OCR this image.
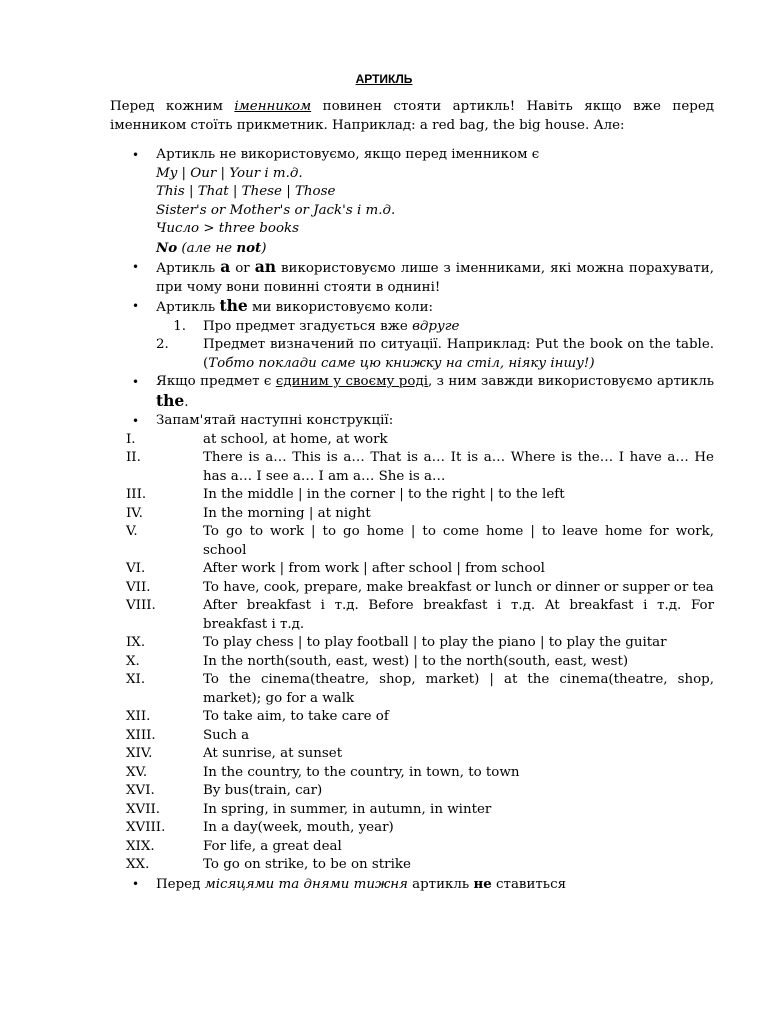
АРТИКЛЬ
Перед кожним іменником повинен стояти артикль! Навіть якщо вже перед іменником стоїть прикметник. Наприклад: a red bag, the big house. Але:
• Артикль не використовуємо, якщо перед іменником є
My | Our | Your і т.д.
This | That | These | Those
Sister's or Mother's or Jack's і т.д.
Число > three books
No (але не not)
• Артикль a or an використовуємо лише з іменниками, які можна порахувати, при чому вони повинні стояти в однині!
• Артикль the ми використовуємо коли:
1. Про предмет згадується вже вдруге
2.	Предмет визначений по ситуації. Наприклад: Put the book on the table. (Тобто поклади саме цю книжку на стіл, ніяку іншу!)
• Якщо предмет є єдиним у своєму роді, з ним завжди використовуємо артикль the.
• Запам'ятай наступні конструкції:
I.	at school, at home, at work
II.	There is a… This is a… That is a… It is a… Where is the… I have a… He has a… I see a… I am a… She is a…
III.	In the middle | in the corner | to the right | to the left
IV.	In the morning | at night
V.	To go to work | to go home | to come home | to leave home for work, school
VI.	After work | from work | after school | from school
VII.	To have, cook, prepare, make breakfast or lunch or dinner or supper or tea
VIII.	After breakfast і т.д. Before breakfast і т.д. At breakfast і т.д. For breakfast і т.д.
IX.	To play chess | to play football | to play the piano | to play the guitar
X.	In the north(south, east, west) | to the north(south, east, west)
XI.	To the cinema(theatre, shop, market) | at the cinema(theatre, shop, market); go for a walk
XII.	To take aim, to take care of
XIII.	Such a
XIV.	At sunrise, at sunset
XV.	In the country, to the country, in town, to town
XVI.	By bus(train, car)
XVII.	In spring, in summer, in autumn, in winter
XVIII.	In a day(week, mouth, year)
XIX.	For life, a great deal
XX.	To go on strike, to be on strike
• Перед місяцями та днями тижня артикль не ставиться
